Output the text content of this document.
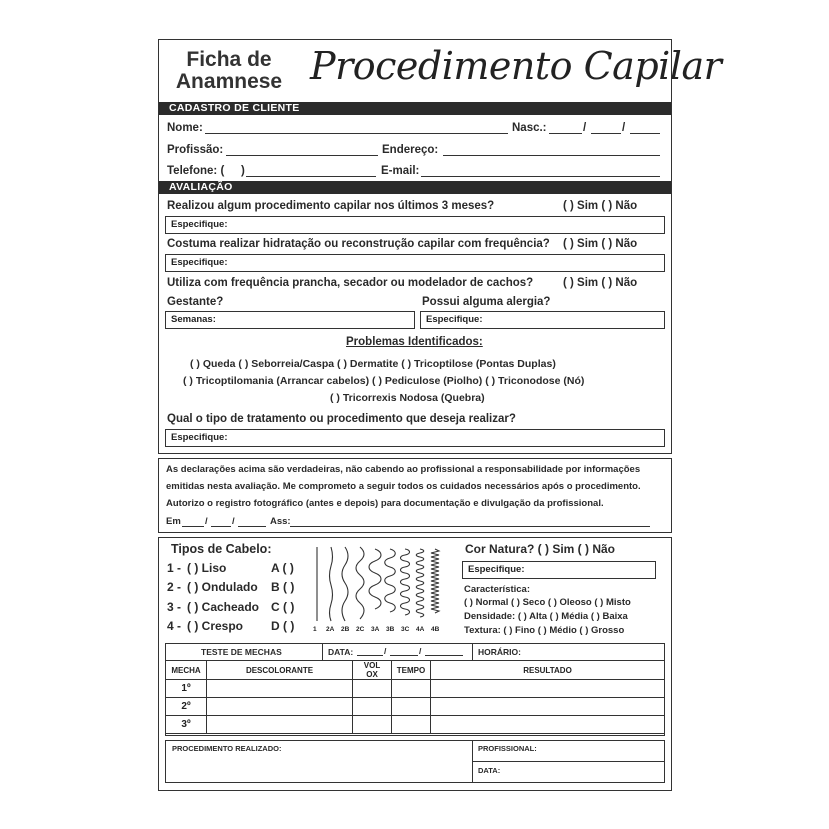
Ficha de
Anamnese Procedimento Capilar
CADASTRO DE CLIENTE
Nome:	Nasc.:	/	/
Profissão:	Endereço:
Telefone: ( )	E-mail:
AVALIAÇÃO
Realizou algum procedimento capilar nos últimos 3 meses?	( ) Sim ( ) Não
Especifique:
Costuma realizar hidratação ou reconstrução capilar com frequência? ( ) Sim ( ) Não
Especifique:
Utiliza com frequência prancha, secador ou modelador de cachos?	( ) Sim ( ) Não
Gestante?
Semanas:
Possui alguma alergia?
Especifique:
Problemas Identificados:
( ) Queda ( ) Seborreia/Caspa ( ) Dermatite ( ) Tricoptilose (Pontas Duplas)
( ) Tricoptilomania (Arrancar cabelos) ( ) Pediculose (Piolho) ( ) Triconodose (Nó)
( ) Tricorrexis Nodosa (Quebra)
Qual o tipo de tratamento ou procedimento que deseja realizar?
Especifique:
As declarações acima são verdadeiras, não cabendo ao profissional a responsabilidade por informações
emitidas nesta avaliação. Me comprometo a seguir todos os cuidados necessários após o procedimento.
Autorizo o registro fotográfico (antes e depois) para documentação e divulgação da profissional.
Em	/	/	Ass:
Tipos de Cabelo:
1 - ( ) Liso	A ( )
2 - ( ) Ondulado B ( )
3 - ( ) Cacheado C ( )
4 - ( ) Crespo D ( )	1 2A 2B 2C 3A 3B 3C 4A 4B
Cor Natura? ( ) Sim ( ) Não
Especifique:
Característica:
( ) Normal ( ) Seco ( ) Oleoso ( ) Misto
Densidade: ( ) Alta ( ) Média ( ) Baixa
Textura: ( ) Fino ( ) Médio ( ) Grosso
TESTE DE MECHAS	DATA:	/	/	HORÁRIO:
MECHA	DESCOLORANTE	VOL OX	TEMPO	RESULTADO
1º				
2º				
3º				
PROCEDIMENTO REALIZADO:	PROFISSIONAL:
DATA:
